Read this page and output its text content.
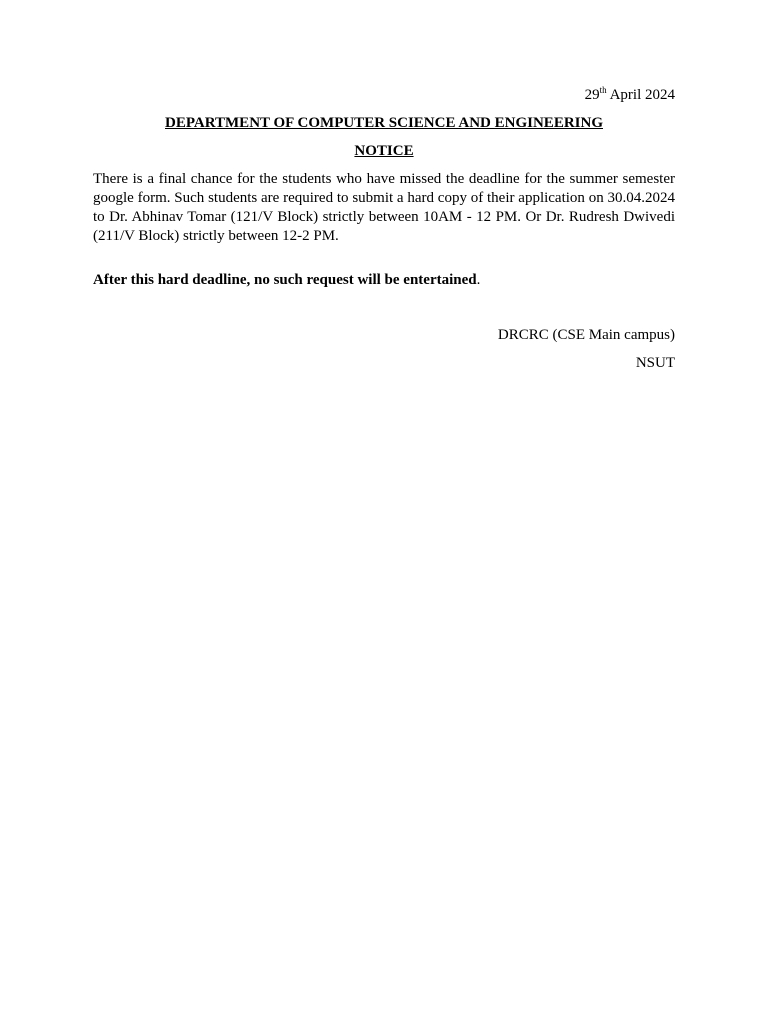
29th April 2024

DEPARTMENT OF COMPUTER SCIENCE AND ENGINEERING

NOTICE

There is a final chance for the students who have missed the deadline for the summer semester google form. Such students are required to submit a hard copy of their application on 30.04.2024 to Dr. Abhinav Tomar (121/V Block) strictly between 10AM - 12 PM. Or Dr. Rudresh Dwivedi (211/V Block) strictly between 12-2 PM.

After this hard deadline, no such request will be entertained.

DRCRC (CSE Main campus)

NSUT
